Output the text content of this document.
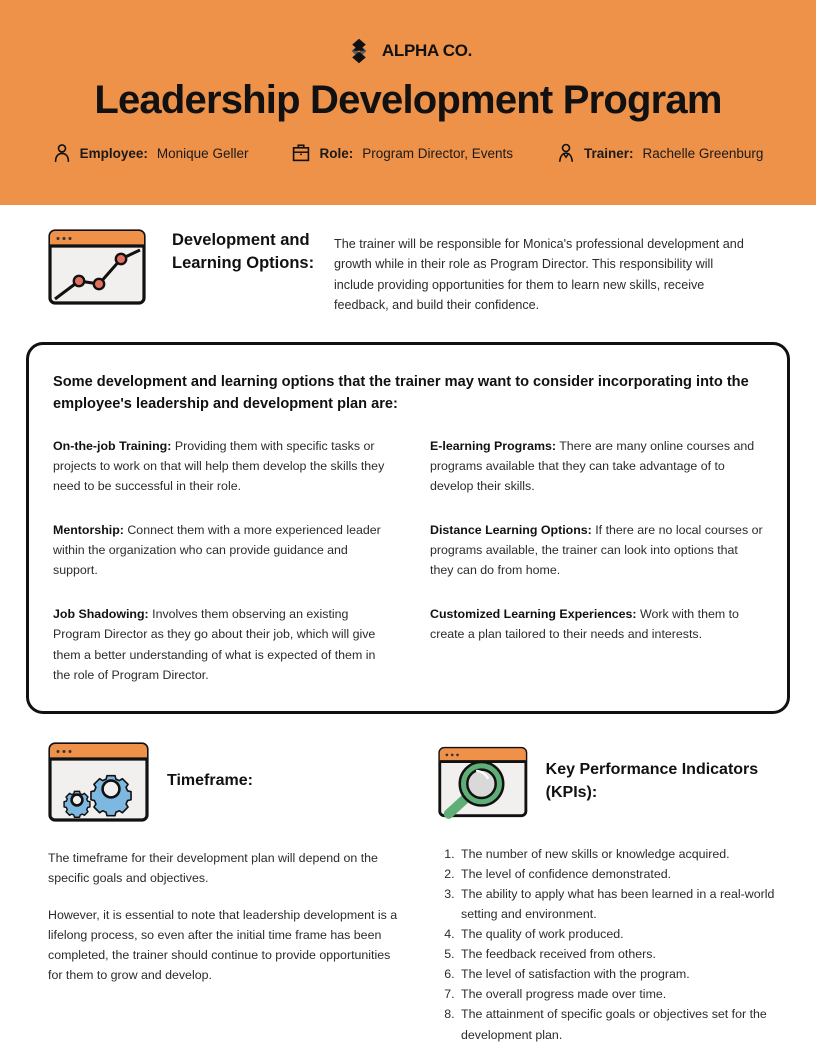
ALPHA CO.
Leadership Development Program
Employee: Monique Geller	Role: Program Director, Events	Trainer: Rachelle Greenburg
Development and Learning Options:
The trainer will be responsible for Monica's professional development and growth while in their role as Program Director. This responsibility will include providing opportunities for them to learn new skills, receive feedback, and build their confidence.
Some development and learning options that the trainer may want to consider incorporating into the employee's leadership and development plan are:

On-the-job Training: Providing them with specific tasks or projects to work on that will help them develop the skills they need to be successful in their role.

Mentorship: Connect them with a more experienced leader within the organization who can provide guidance and support.

Job Shadowing: Involves them observing an existing Program Director as they go about their job, which will give them a better understanding of what is expected of them in the role of Program Director.

E-learning Programs: There are many online courses and programs available that they can take advantage of to develop their skills.

Distance Learning Options: If there are no local courses or programs available, the trainer can look into options that they can do from home.

Customized Learning Experiences: Work with them to create a plan tailored to their needs and interests.

Timeframe:

The timeframe for their development plan will depend on the specific goals and objectives.

However, it is essential to note that leadership development is a lifelong process, so even after the initial time frame has been completed, the trainer should continue to provide opportunities for them to grow and develop.

Key Performance Indicators (KPIs):
1. The number of new skills or knowledge acquired.
2. The level of confidence demonstrated.
3. The ability to apply what has been learned in a real-world setting and environment.
4. The quality of work produced.
5. The feedback received from others.
6. The level of satisfaction with the program.
7. The overall progress made over time.
8. The attainment of specific goals or objectives set for the development plan.
